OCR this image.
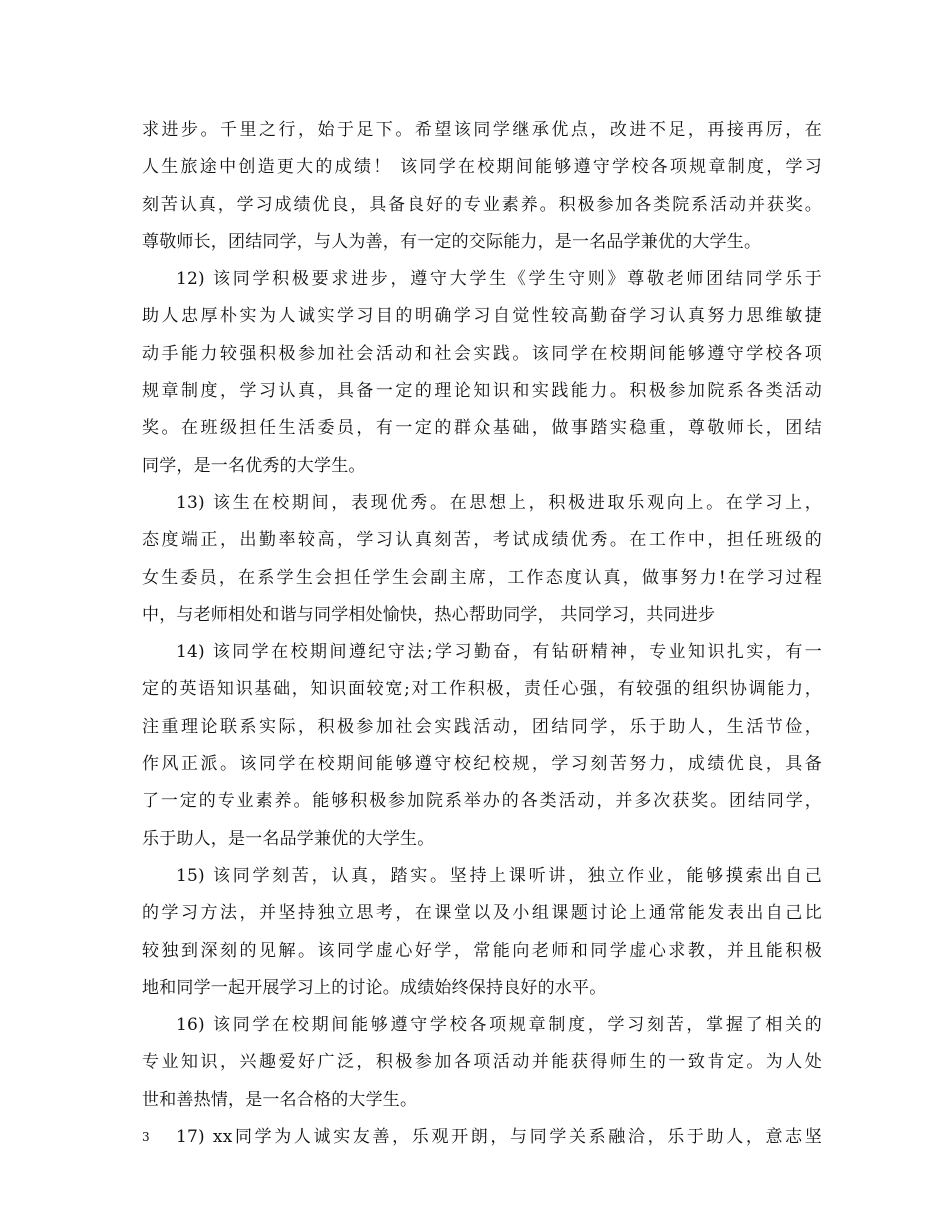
求进步。千里之行，始于足下。希望该同学继承优点，改进不足，再接再厉，在
人生旅途中创造更大的成绩！ 该同学在校期间能够遵守学校各项规章制度，学习
刻苦认真，学习成绩优良，具备良好的专业素养。积极参加各类院系活动并获奖。
尊敬师长，团结同学，与人为善，有一定的交际能力，是一名品学兼优的大学生。
12) 该同学积极要求进步，遵守大学生《学生守则》尊敬老师团结同学乐于
助人忠厚朴实为人诚实学习目的明确学习自觉性较高勤奋学习认真努力思维敏捷
动手能力较强积极参加社会活动和社会实践。该同学在校期间能够遵守学校各项
规章制度，学习认真，具备一定的理论知识和实践能力。积极参加院系各类活动
奖。在班级担任生活委员，有一定的群众基础，做事踏实稳重，尊敬师长，团结
同学，是一名优秀的大学生。
13) 该生在校期间，表现优秀。在思想上，积极进取乐观向上。在学习上，
态度端正，出勤率较高，学习认真刻苦，考试成绩优秀。在工作中，担任班级的
女生委员，在系学生会担任学生会副主席，工作态度认真，做事努力!在学习过程
中，与老师相处和谐与同学相处愉快，热心帮助同学， 共同学习，共同进步
14) 该同学在校期间遵纪守法;学习勤奋，有钻研精神，专业知识扎实，有一
定的英语知识基础，知识面较宽;对工作积极，责任心强，有较强的组织协调能力，
注重理论联系实际，积极参加社会实践活动，团结同学，乐于助人，生活节俭，
作风正派。该同学在校期间能够遵守校纪校规，学习刻苦努力，成绩优良，具备
了一定的专业素养。能够积极参加院系举办的各类活动，并多次获奖。团结同学，
乐于助人，是一名品学兼优的大学生。
15) 该同学刻苦，认真，踏实。坚持上课听讲，独立作业，能够摸索出自己
的学习方法，并坚持独立思考，在课堂以及小组课题讨论上通常能发表出自己比
较独到深刻的见解。该同学虚心好学，常能向老师和同学虚心求教，并且能积极
地和同学一起开展学习上的讨论。成绩始终保持良好的水平。
16) 该同学在校期间能够遵守学校各项规章制度，学习刻苦，掌握了相关的
专业知识，兴趣爱好广泛，积极参加各项活动并能获得师生的一致肯定。为人处
世和善热情，是一名合格的大学生。
17) xx同学为人诚实友善，乐观开朗，与同学关系融洽，乐于助人，意志坚
3
